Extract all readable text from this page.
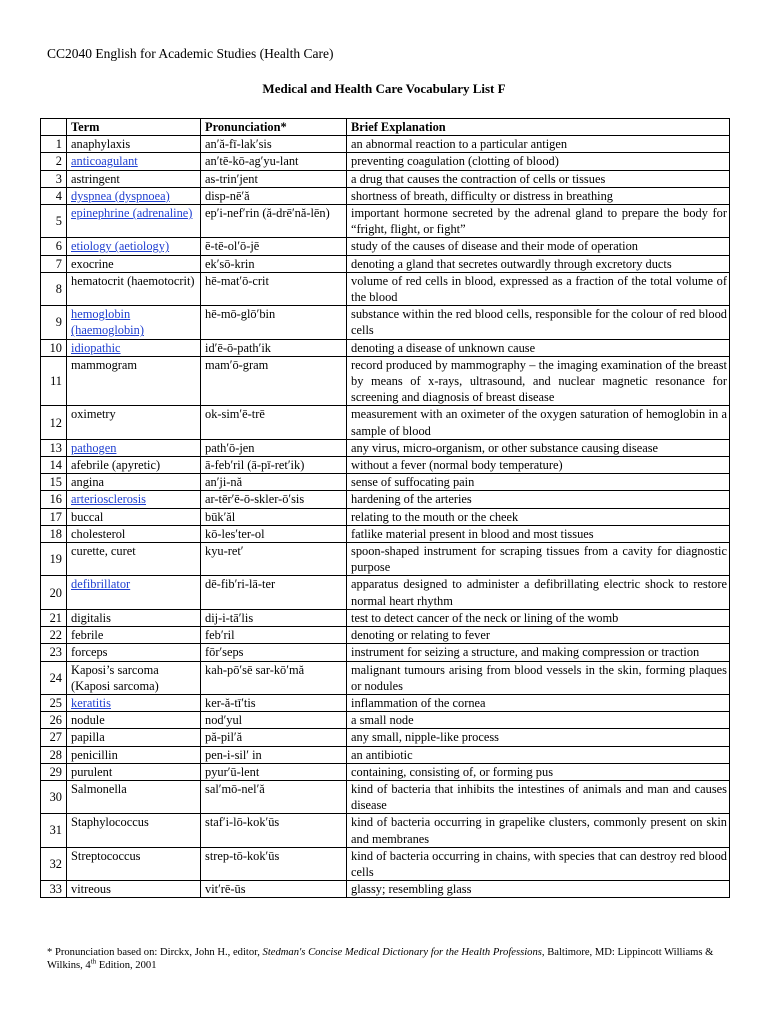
CC2040 English for Academic Studies (Health Care)
Medical and Health Care Vocabulary List F
	Term	Pronunciation*	Brief Explanation
1	anaphylaxis	anʹă-fī-lakʹsis	an abnormal reaction to a particular antigen
2	anticoagulant	anʹtē-kō-agʹyu-lant	preventing coagulation (clotting of blood)
3	astringent	as-trinʹjent	a drug that causes the contraction of cells or tissues
4	dyspnea (dyspnoea)	disp-nēʹă	shortness of breath, difficulty or distress in breathing
5	epinephrine (adrenaline)	epʹi-nefʹrin (ă-drēʹnă-lēn)	important hormone secreted by the adrenal gland to prepare the body for “fright, flight, or fight”
6	etiology (aetiology)	ē-tē-olʹō-jē	study of the causes of disease and their mode of operation
7	exocrine	ekʹsō-krin	denoting a gland that secretes outwardly through excretory ducts
8	hematocrit (haemotocrit)	hē-matʹō-crit	volume of red cells in blood, expressed as a fraction of the total volume of the blood
9	hemoglobin (haemoglobin)	hē-mō-glōʹbin	substance within the red blood cells, responsible for the colour of red blood cells
10	idiopathic	idʹē-ō-pathʹik	denoting a disease of unknown cause
11	mammogram	mamʹō-gram	record produced by mammography – the imaging examination of the breast by means of x-rays, ultrasound, and nuclear magnetic resonance for screening and diagnosis of breast disease
12	oximetry	ok-simʹē-trē	measurement with an oximeter of the oxygen saturation of hemoglobin in a sample of blood
13	pathogen	pathʹō-jen	any virus, micro-organism, or other substance causing disease
14	afebrile (apyretic)	ā-febʹril (ā-pī-retʹik)	without a fever (normal body temperature)
15	angina	anʹji-nă	sense of suffocating pain
16	arteriosclerosis	ar-tērʹē-ō-skler-ōʹsis	hardening of the arteries
17	buccal	būkʹăl	relating to the mouth or the cheek
18	cholesterol	kō-lesʹter-ol	fatlike material present in blood and most tissues
19	curette, curet	kyu-retʹ	spoon-shaped instrument for scraping tissues from a cavity for diagnostic purpose
20	defibrillator	dē-fibʹri-lā-ter	apparatus designed to administer a defibrillating electric shock to restore normal heart rhythm
21	digitalis	dij-i-tāʹlis	test to detect cancer of the neck or lining of the womb
22	febrile	febʹril	denoting or relating to fever
23	forceps	fōrʹseps	instrument for seizing a structure, and making compression or traction
24	Kaposi’s sarcoma (Kaposi sarcoma)	kah-pōʹsē sar-kōʹmă	malignant tumours arising from blood vessels in the skin, forming plaques or nodules
25	keratitis	ker-ă-tīʹtis	inflammation of the cornea
26	nodule	nodʹyul	a small node
27	papilla	pă-pilʹă	any small, nipple-like process
28	penicillin	pen-i-silʹ in	an antibiotic
29	purulent	pyurʹū-lent	containing, consisting of, or forming pus
30	Salmonella	salʹmō-nelʹă	kind of bacteria that inhibits the intestines of animals and man and causes disease
31	Staphylococcus	stafʹi-lō-kokʹūs	kind of bacteria occurring in grapelike clusters, commonly present on skin and membranes
32	Streptococcus	strep-tō-kokʹūs	kind of bacteria occurring in chains, with species that can destroy red blood cells
33	vitreous	vitʹrē-ūs	glassy; resembling glass
* Pronunciation based on: Dirckx, John H., editor, Stedman's Concise Medical Dictionary for the Health Professions, Baltimore, MD: Lippincott Williams & Wilkins, 4th Edition, 2001
